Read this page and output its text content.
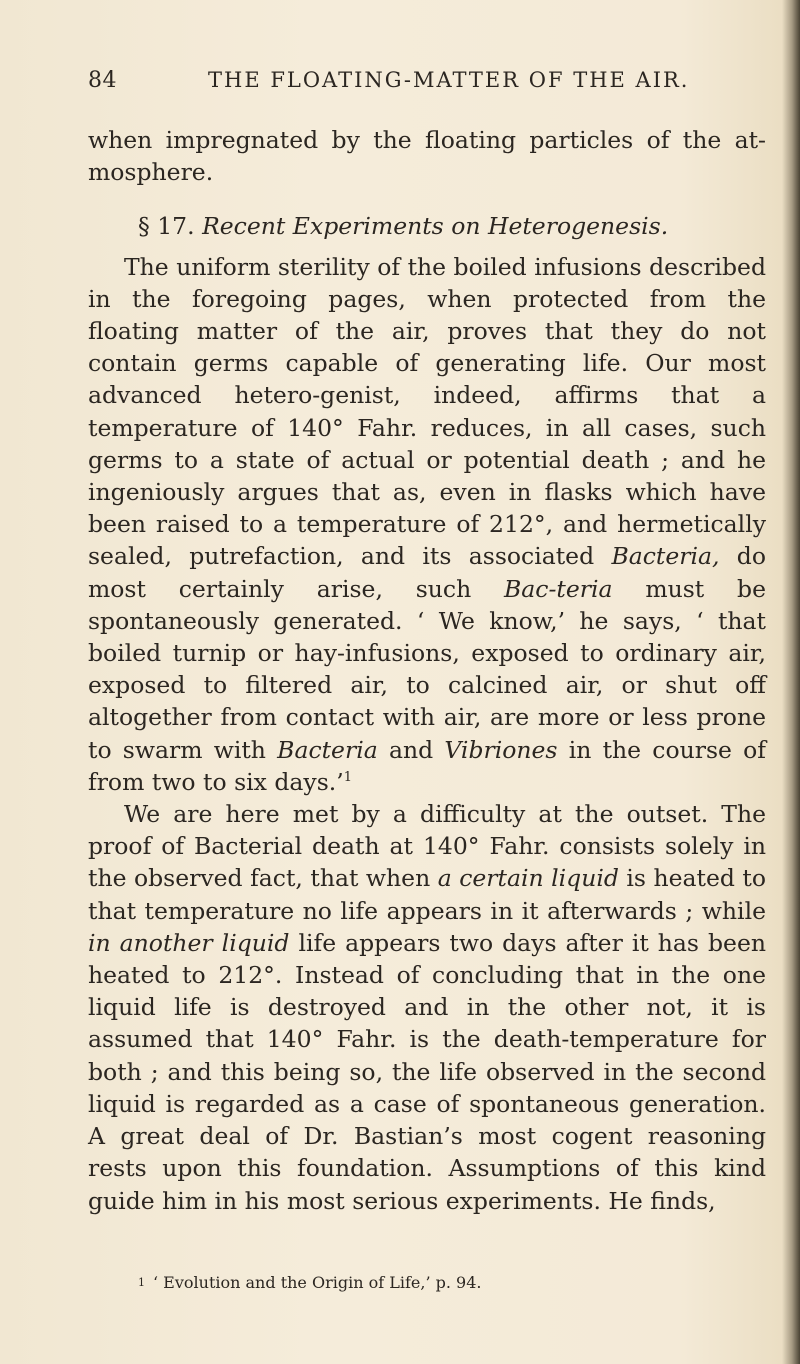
84	THE FLOATING-MATTER OF THE AIR.

when impregnated by the floating particles of the at-mosphere.

§ 17. Recent Experiments on Heterogenesis.

The uniform sterility of the boiled infusions described in the foregoing pages, when protected from the floating matter of the air, proves that they do not contain germs capable of generating life. Our most advanced hetero-genist, indeed, affirms that a temperature of 140° Fahr. reduces, in all cases, such germs to a state of actual or potential death ; and he ingeniously argues that as, even in flasks which have been raised to a temperature of 212°, and hermetically sealed, putrefaction, and its associated Bacteria, do most certainly arise, such Bac-teria must be spontaneously generated. ‘ We know,’ he says, ‘ that boiled turnip or hay-infusions, exposed to ordinary air, exposed to filtered air, to calcined air, or shut off altogether from contact with air, are more or less prone to swarm with Bacteria and Vibriones in the course of from two to six days.’$^1$

We are here met by a difficulty at the outset. The proof of Bacterial death at 140° Fahr. consists solely in the observed fact, that when a certain liquid is heated to that temperature no life appears in it afterwards ; while in another liquid life appears two days after it has been heated to 212°. Instead of concluding that in the one liquid life is destroyed and in the other not, it is assumed that 140° Fahr. is the death-temperature for both ; and this being so, the life observed in the second liquid is regarded as a case of spontaneous generation. A great deal of Dr. Bastian’s most cogent reasoning rests upon this foundation. Assumptions of this kind guide him in his most serious experiments. He finds,

$^1$ ‘ Evolution and the Origin of Life,’ p. 94.
